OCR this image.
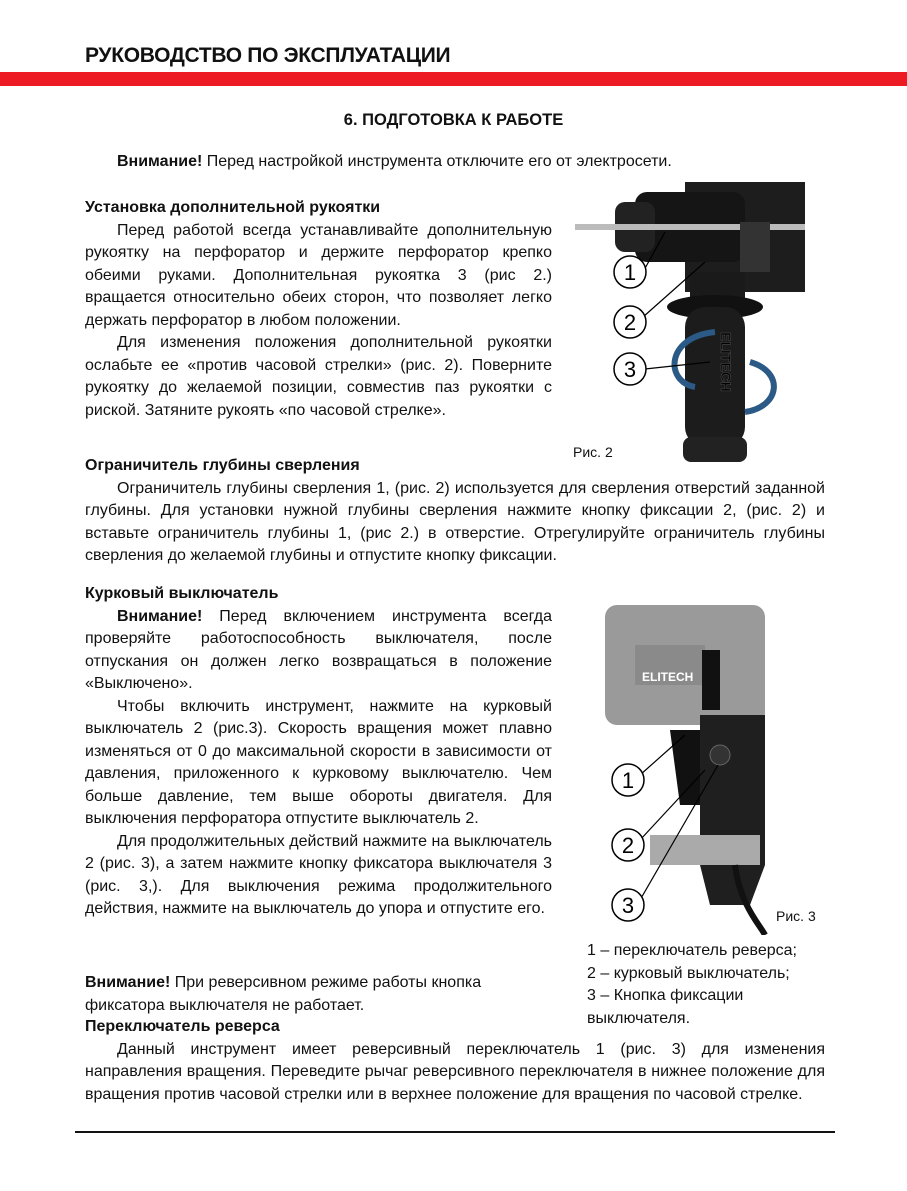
РУКОВОДСТВО ПО ЭКСПЛУАТАЦИИ
6. ПОДГОТОВКА К РАБОТЕ

Внимание! Перед настройкой инструмента отключите его от электросети.

Установка дополнительной рукоятки

Перед работой всегда устанавливайте дополнительную рукоятку на перфоратор и держите перфоратор крепко обеими руками. Дополнительная рукоятка 3 (рис 2.) вращается относительно обеих сторон, что позволяет легко держать перфоратор в любом положении.

Для изменения положения дополнительной рукоятки ослабьте ее «против часовой стрелки» (рис. 2). Поверните рукоятку до желаемой позиции, совместив паз рукоятки с риской. Затяните рукоять «по часовой стрелке».

ELITECH
1
2
3
Рис. 2
Ограничитель глубины сверления

Ограничитель глубины сверления 1, (рис. 2) используется для сверления отверстий заданной глубины. Для установки нужной глубины сверления нажмите кнопку фиксации 2, (рис. 2) и вставьте ограничитель глубины 1, (рис 2.) в отверстие. Отрегулируйте ограничитель глубины сверления до желаемой глубины и отпустите кнопку фиксации.

Курковый выключатель

Внимание! Перед включением инструмента всегда проверяйте работоспособность выключателя, после отпускания он должен легко возвращаться в положение «Выключено».

Чтобы включить инструмент, нажмите на курковый выключатель 2 (рис.3). Скорость вращения может плавно изменяться от 0 до максимальной скорости в зависимости от давления, приложенного к курковому выключателю. Чем больше давление, тем выше обороты двигателя. Для выключения перфоратора отпустите выключатель 2.

Для продолжительных действий нажмите на выключатель 2 (рис. 3), а затем нажмите кнопку фиксатора выключателя 3 (рис. 3,). Для выключения режима продолжительного действия, нажмите на выключатель до упора и отпустите его.

Внимание! При реверсивном режиме работы кнопка фиксатора выключателя не работает.

Переключатель реверса

Данный инструмент имеет реверсивный переключатель 1 (рис. 3) для изменения направления вращения. Переведите рычаг реверсивного переключателя в нижнее положение для вращения против часовой стрелки или в верхнее положение для вращения по часовой стрелке.

ELITECH
1
2
3	Рис. 3
1 – переключатель реверса;
2 – курковый выключатель;
3 – Кнопка фиксации выключателя.
